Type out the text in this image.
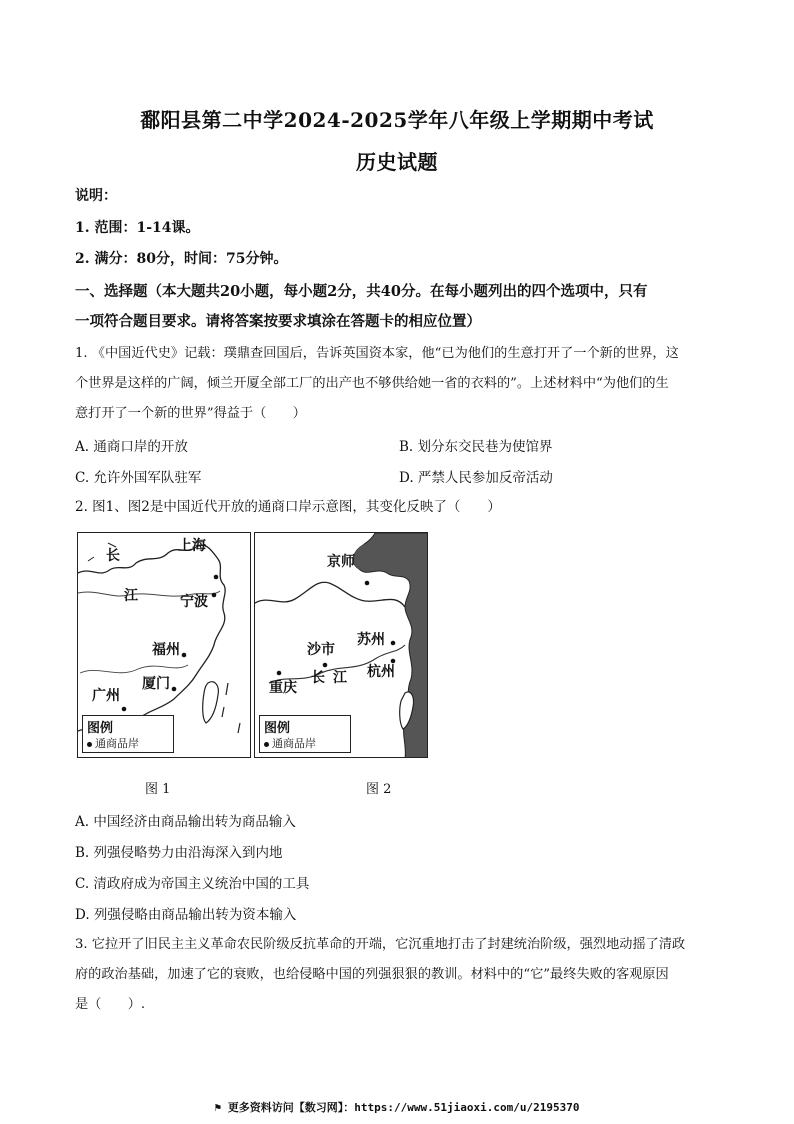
鄱阳县第二中学2024-2025学年八年级上学期期中考试
历史试题
说明：
1. 范围：1-14课。
2. 满分：80分，时间：75分钟。
一、选择题（本大题共20小题，每小题2分，共40分。在每小题列出的四个选项中，只有
一项符合题目要求。请将答案按要求填涂在答题卡的相应位置）
1. 《中国近代史》记载：璞鼎查回国后，告诉英国资本家，他“已为他们的生意打开了一个新的世界，这
个世界是这样的广阔，倾兰开厦全部工厂的出产也不够供给她一省的衣料的”。上述材料中“为他们的生
意打开了一个新的世界”得益于（　　）
A. 通商口岸的开放	B. 划分东交民巷为使馆界
C. 允许外国军队驻军	D. 严禁人民参加反帝活动
2. 图1、图2是中国近代开放的通商口岸示意图，其变化反映了（　　）
上海
长
江	宁波
福州
厦门
广州
图例
通商品岸
京师
苏州
沙市
杭州
长 江
重庆
图例
通商品岸
图 1	图 2
A. 中国经济由商品输出转为商品输入
B. 列强侵略势力由沿海深入到内地
C. 清政府成为帝国主义统治中国的工具
D. 列强侵略由商品输出转为资本输入
3. 它拉开了旧民主主义革命农民阶级反抗革命的开端，它沉重地打击了封建统治阶级，强烈地动摇了清政
府的政治基础，加速了它的衰败，也给侵略中国的列强狠狠的教训。材料中的“它”最终失败的客观原因
是（　　）.
⚑ 更多资料访问【数习网】：https://www.51jiaoxi.com/u/2195370
